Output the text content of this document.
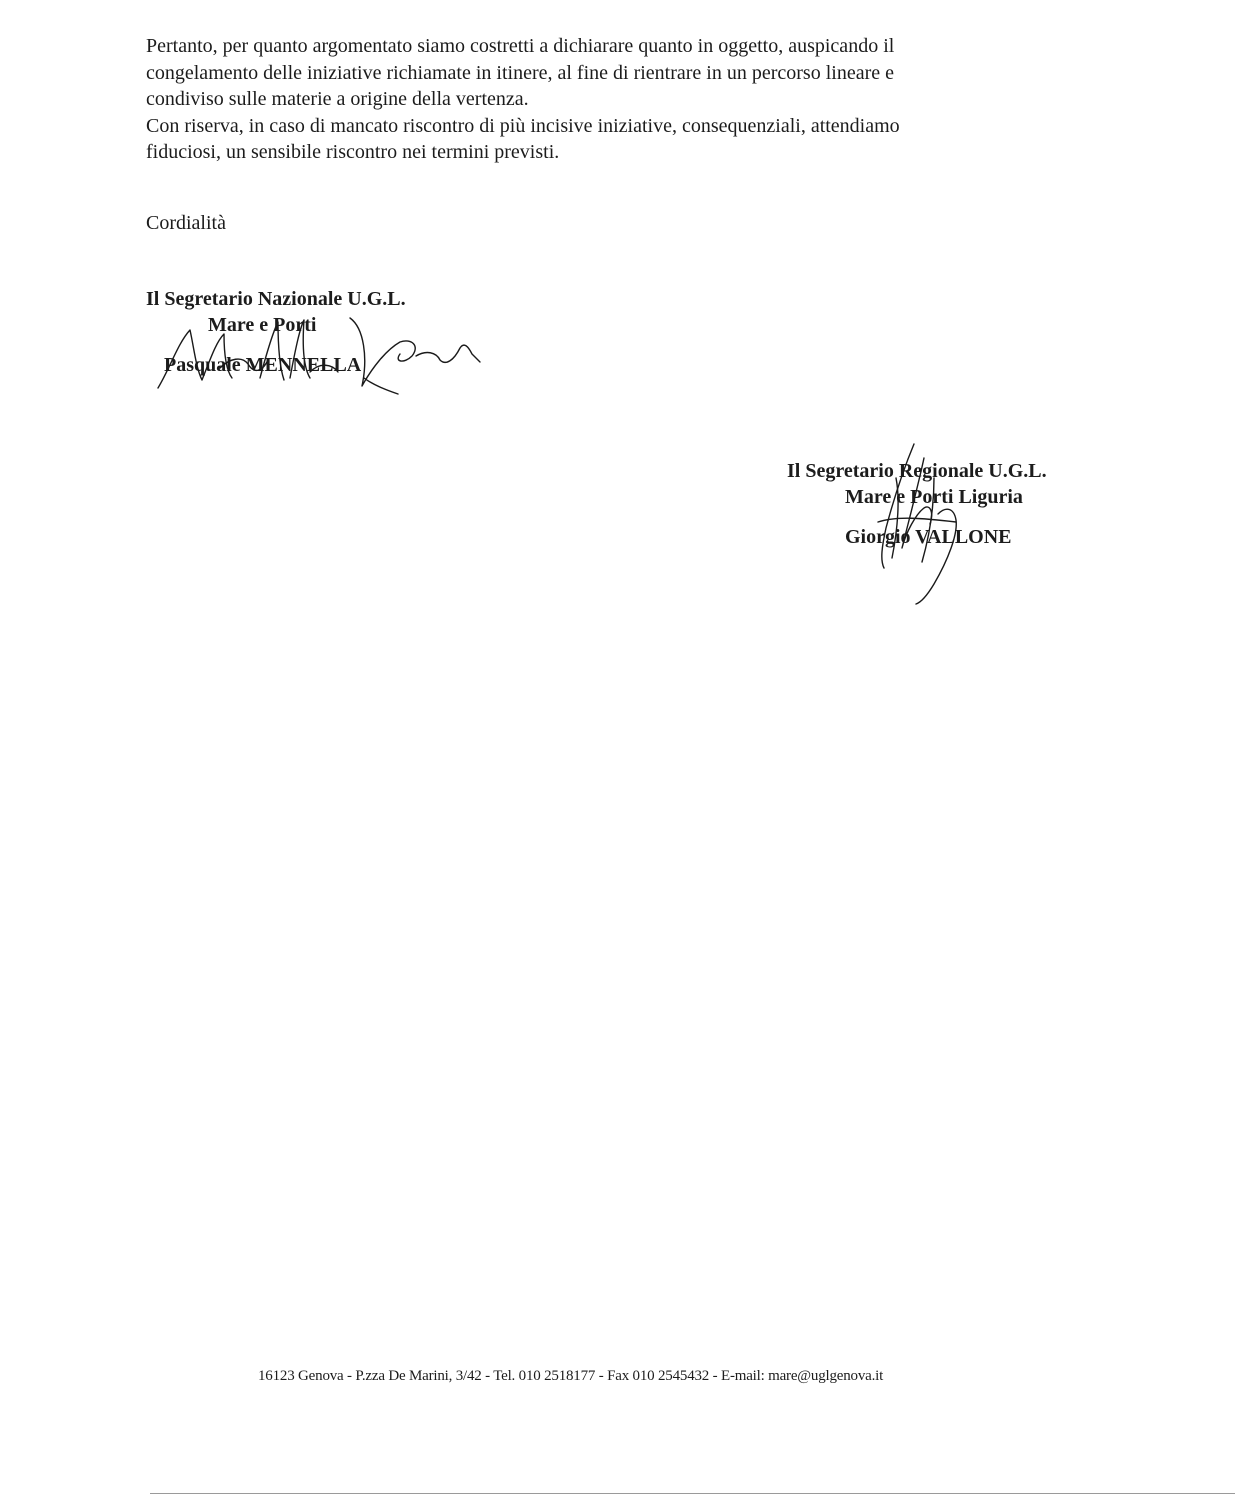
Pertanto, per quanto argomentato siamo costretti a dichiarare quanto in oggetto, auspicando il

congelamento delle iniziative richiamate in itinere, al fine di rientrare in un percorso lineare e

condiviso sulle materie a origine della vertenza.

Con riserva, in caso di mancato riscontro di più incisive iniziative, consequenziali, attendiamo

fiduciosi, un sensibile riscontro nei termini previsti.

Cordialità
Il Segretario Nazionale U.G.L.
Mare e Porti
Pasquale MENNELLA
Il Segretario Regionale U.G.L.
Mare e Porti Liguria
Giorgio VALLONE
16123 Genova - P.zza De Marini, 3/42 - Tel. 010 2518177 - Fax 010 2545432 - E-mail: mare@uglgenova.it
